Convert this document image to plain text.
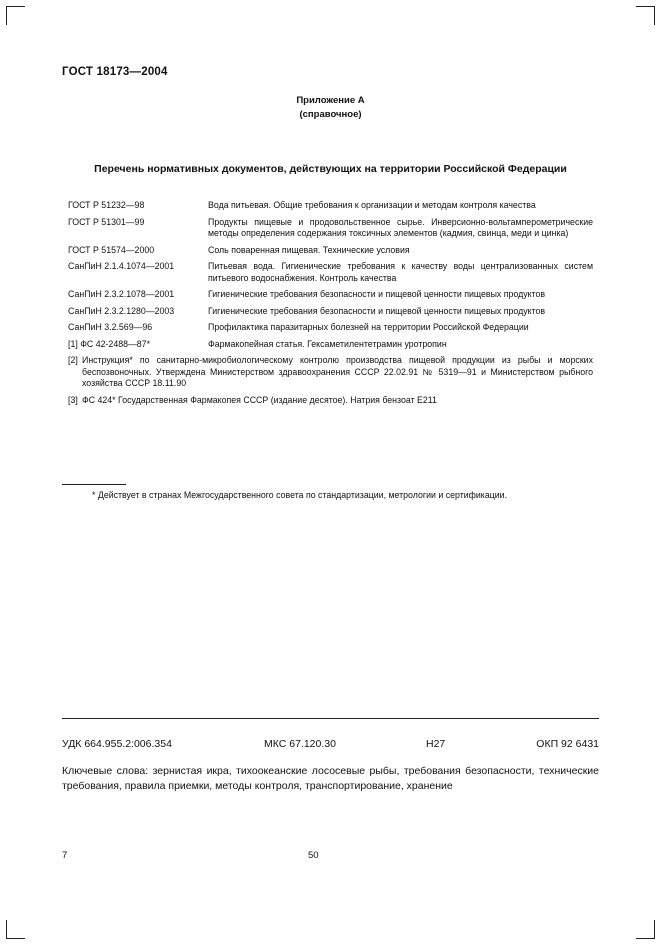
ГОСТ 18173—2004
Приложение А
(справочное)
Перечень нормативных документов, действующих на территории Российской Федерации
ГОСТ Р 51232—98	Вода питьевая. Общие требования к организации и методам контроля качества
ГОСТ Р 51301—99	Продукты пищевые и продовольственное сырье. Инверсионно-вольтамперометрические методы определения содержания токсичных элементов (кадмия, свинца, меди и цинка)
ГОСТ Р 51574—2000	Соль поваренная пищевая. Технические условия
СанПиН 2.1.4.1074—2001	Питьевая вода. Гигиенические требования к качеству воды централизованных систем питьевого водоснабжения. Контроль качества
СанПиН 2.3.2.1078—2001	Гигиенические требования безопасности и пищевой ценности пищевых продуктов
СанПиН 2.3.2.1280—2003	Гигиенические требования безопасности и пищевой ценности пищевых продуктов
СанПиН 3.2.569—96	Профилактика паразитарных болезней на территории Российской Федерации
[1] ФС 42-2488—87*	Фармакопейная статья. Гексаметилентетрамин уротропин
[2] Инструкция* по санитарно-микробиологическому контролю производства пищевой продукции из рыбы и морских беспозвоночных. Утверждена Министерством здравоохранения СССР 22.02.91 № 5319—91 и Министерством рыбного хозяйства СССР 18.11.90
[3] ФС 424* Государственная Фармакопея СССР (издание десятое). Натрия бензоат Е211
* Действует в странах Межгосударственного совета по стандартизации, метрологии и сертификации.
УДК 664.955.2:006.354	МКС 67.120.30	Н27	ОКП 92 6431
Ключевые слова: зернистая икра, тихоокеанские лососевые рыбы, требования безопасности, технические требования, правила приемки, методы контроля, транспортирование, хранение
7	50
